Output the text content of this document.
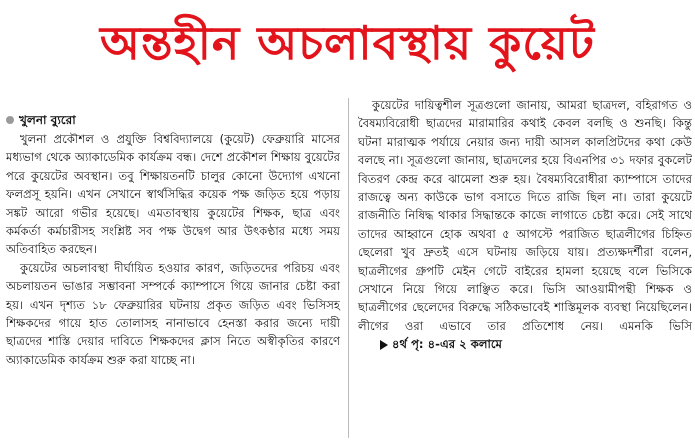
অন্তহীন অচলাবস্থায় কুয়েট
খুলনা ব্যুরো

খুলনা প্রকৌশল ও প্রযুক্তি বিশ্ববিদ্যালয়ে (কুয়েট) ফেব্রুয়ারি মাসের মধ্যভাগ থেকে অ্যাকাডেমিক কার্যক্রম বন্ধ। দেশে প্রকৌশল শিক্ষায় বুয়েটের পরে কুয়েটের অবস্থান। তবু শিক্ষায়তনটি চালুর কোনো উদ্যোগ এখনো ফলপ্রসূ হয়নি। এখন সেখানে স্বার্থসিদ্ধির কয়েক পক্ষ জড়িত হয়ে পড়ায় সঙ্কট আরো গভীর হয়েছে। এমতাবস্থায় কুয়েটের শিক্ষক, ছাত্র এবং কর্মকর্তা কর্মচারীসহ সংশ্লিষ্ট সব পক্ষ উদ্বেগ আর উৎকণ্ঠার মধ্যে সময় অতিবাহিত করছেন।

কুয়েটের অচলাবস্থা দীর্ঘায়িত হওয়ার কারণ, জড়িতদের পরিচয় এবং অচলায়তন ভাঙার সম্ভাবনা সম্পর্কে ক্যাম্পাসে গিয়ে জানার চেষ্টা করা হয়। এখন দৃশ্যত ১৮ ফেব্রুয়ারির ঘটনায় প্রকৃত জড়িত এবং ভিসিসহ শিক্ষকদের গায়ে হাত তোলাসহ নানাভাবে হেনস্তা করার জন্যে দায়ী ছাত্রদের শাস্তি দেয়ার দাবিতে শিক্ষকদের ক্লাস নিতে অস্বীকৃতির কারণে অ্যাকাডেমিক কার্যক্রম শুরু করা যাচ্ছে না।

কুয়েটের দায়িত্বশীল সূত্রগুলো জানায়, আমরা ছাত্রদল, বহিরাগত ও বৈষম্যবিরোধী ছাত্রদের মারামারির কথাই কেবল বলছি ও শুনছি। কিন্তু ঘটনা মারাত্মক পর্যায়ে নেয়ার জন্য দায়ী আসল কালপ্রিটদের কথা কেউ বলছে না। সূত্রগুলো জানায়, ছাত্রদলের হয়ে বিএনপির ৩১ দফার বুকলেট বিতরণ কেন্দ্র করে ঝামেলা শুরু হয়। বৈষম্যবিরোধীরা ক্যাম্পাসে তাদের রাজত্বে অন্য কাউকে ভাগ বসাতে দিতে রাজি ছিল না। তারা কুয়েটে রাজনীতি নিষিদ্ধ থাকার সিদ্ধান্তকে কাজে লাগাতে চেষ্টা করে। সেই সাথে তাদের আহ্বানে হোক অথবা ৫ আগস্টে পরাজিত ছাত্রলীগের চিহ্নিত ছেলেরা খুব দ্রুতই এসে ঘটনায় জড়িয়ে যায়। প্রত্যক্ষদর্শীরা বলেন, ছাত্রলীগের গ্রুপটি মেইন গেটে বাইরের হামলা হয়েছে বলে ভিসিকে সেখানে নিয়ে গিয়ে লাঞ্ছিত করে। ভিসি আওয়ামীপন্থী শিক্ষক ও ছাত্রলীগের ছেলেদের বিরুদ্ধে সঠিকভাবেই শাস্তিমূলক ব্যবস্থা নিয়েছিলেন। লীগের ওরা এভাবে তার প্রতিশোধ নেয়। এমনকি ভিসি৪র্থ পৃ: ৪-এর ২ কলামে
